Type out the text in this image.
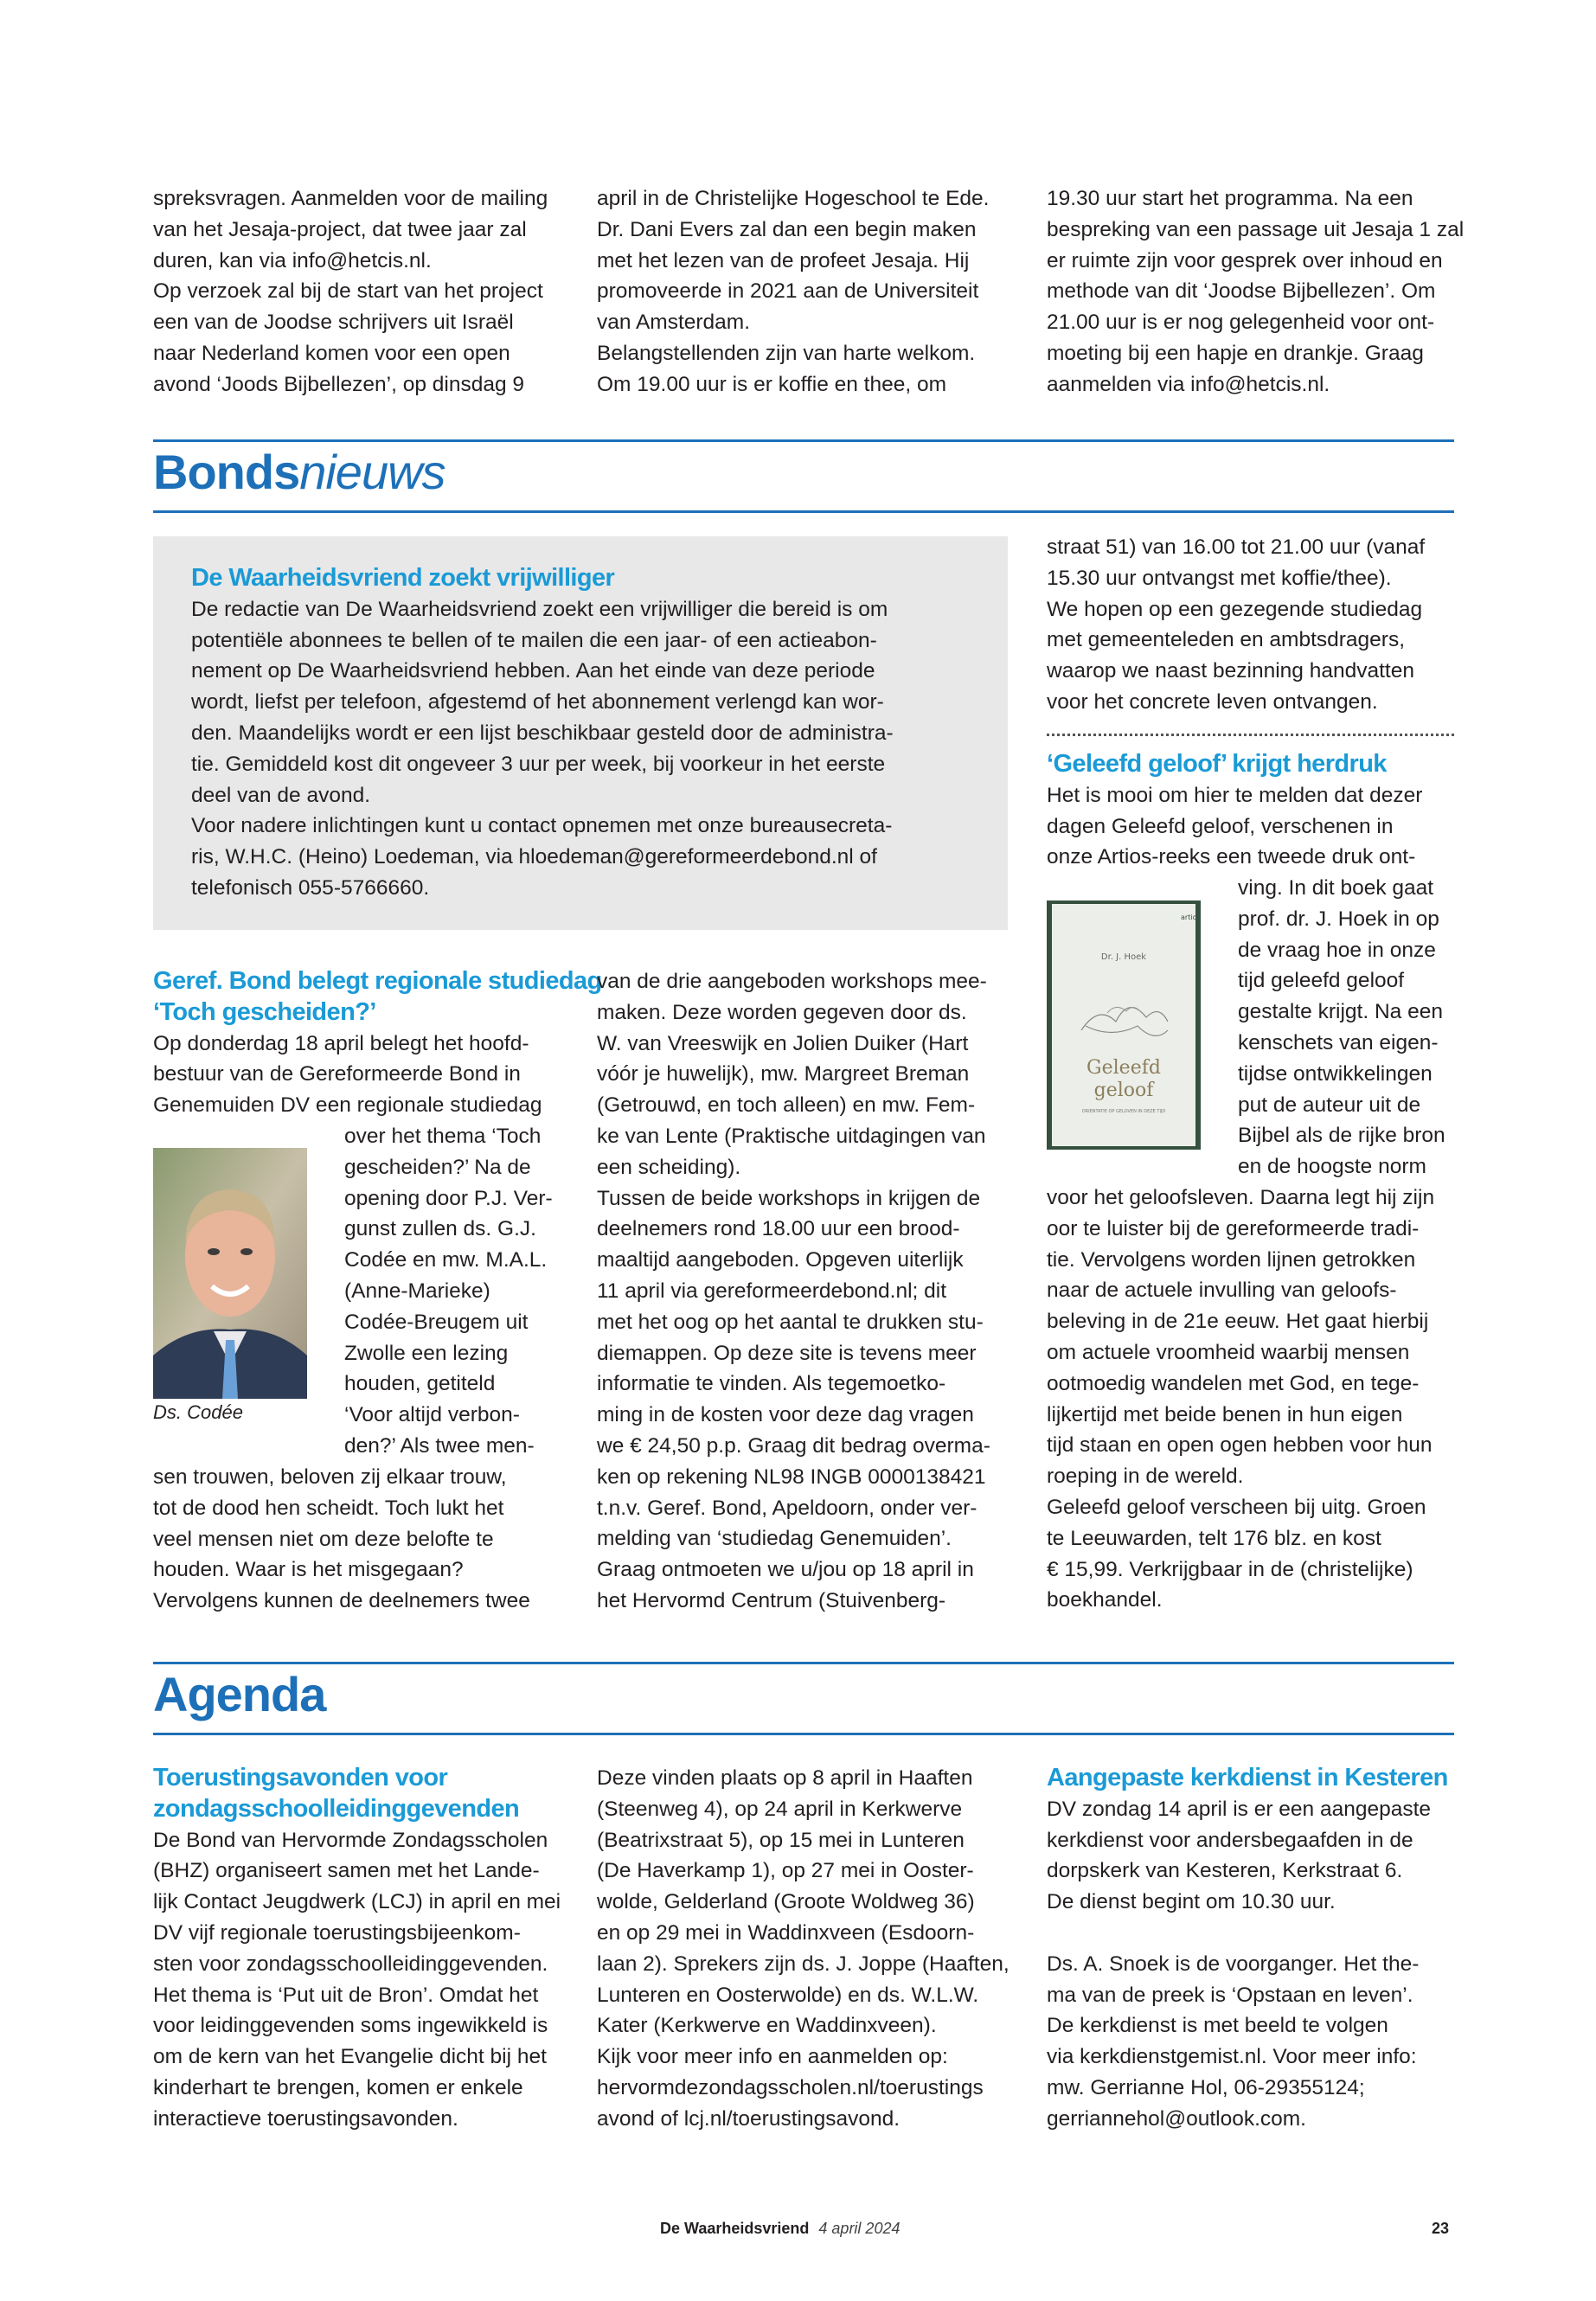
spreksvragen. Aanmelden voor de mailing
van het Jesaja-project, dat twee jaar zal
duren, kan via info@hetcis.nl.
Op verzoek zal bij de start van het project
een van de Joodse schrijvers uit Israël
naar Nederland komen voor een open
avond ‘Joods Bijbellezen’, op dinsdag 9
april in de Christelijke Hogeschool te Ede.
Dr. Dani Evers zal dan een begin maken
met het lezen van de profeet Jesaja. Hij
promoveerde in 2021 aan de Universiteit
van Amsterdam.
Belangstellenden zijn van harte welkom.
Om 19.00 uur is er koffie en thee, om
19.30 uur start het programma. Na een
bespreking van een passage uit Jesaja 1 zal
er ruimte zijn voor gesprek over inhoud en
methode van dit ‘Joodse Bijbellezen’. Om
21.00 uur is er nog gelegenheid voor ont-
moeting bij een hapje en drankje. Graag
aanmelden via info@hetcis.nl.
Bondsnieuws
De Waarheidsvriend zoekt vrijwilliger
De redactie van De Waarheidsvriend zoekt een vrijwilliger die bereid is om
potentiële abonnees te bellen of te mailen die een jaar- of een actieabon-
nement op De Waarheidsvriend hebben. Aan het einde van deze periode
wordt, liefst per telefoon, afgestemd of het abonnement verlengd kan wor-
den. Maandelijks wordt er een lijst beschikbaar gesteld door de administra-
tie. Gemiddeld kost dit ongeveer 3 uur per week, bij voorkeur in het eerste
deel van de avond.
Voor nadere inlichtingen kunt u contact opnemen met onze bureausecreta-
ris, W.H.C. (Heino) Loedeman, via hloedeman@gereformeerdebond.nl of
telefonisch 055-5766660.
Geref. Bond belegt regionale studiedag
‘Toch gescheiden?’
Op donderdag 18 april belegt het hoofd-
bestuur van de Gereformeerde Bond in
Genemuiden DV een regionale studiedag
over het thema ‘Toch
gescheiden?’ Na de
opening door P.J. Ver-
gunst zullen ds. G.J.
Codée en mw. M.A.L.
(Anne-Marieke)
Codée-Breugem uit
Zwolle een lezing
houden, getiteld
‘Voor altijd verbon-
den?’ Als twee men-
Ds. Codée
sen trouwen, beloven zij elkaar trouw,
tot de dood hen scheidt. Toch lukt het
veel mensen niet om deze belofte te
houden. Waar is het misgegaan?
Vervolgens kunnen de deelnemers twee
van de drie aangeboden workshops mee-
maken. Deze worden gegeven door ds.
W. van Vreeswijk en Jolien Duiker (Hart
vóór je huwelijk), mw. Margreet Breman
(Getrouwd, en toch alleen) en mw. Fem-
ke van Lente (Praktische uitdagingen van
een scheiding).
Tussen de beide workshops in krijgen de
deelnemers rond 18.00 uur een brood-
maaltijd aangeboden. Opgeven uiterlijk
11 april via gereformeerdebond.nl; dit
met het oog op het aantal te drukken stu-
diemappen. Op deze site is tevens meer
informatie te vinden. Als tegemoetko-
ming in de kosten voor deze dag vragen
we € 24,50 p.p. Graag dit bedrag overma-
ken op rekening NL98 INGB 0000138421
t.n.v. Geref. Bond, Apeldoorn, onder ver-
melding van ‘studiedag Genemuiden’.
Graag ontmoeten we u/jou op 18 april in
het Hervormd Centrum (Stuivenberg-
straat 51) van 16.00 tot 21.00 uur (vanaf
15.30 uur ontvangst met koffie/thee).
We hopen op een gezegende studiedag
met gemeenteleden en ambtsdragers,
waarop we naast bezinning handvatten
voor het concrete leven ontvangen.
‘Geleefd geloof’ krijgt herdruk
Het is mooi om hier te melden dat dezer
dagen Geleefd geloof, verschenen in
onze Artios-reeks een tweede druk ont-
artios
Dr. J. Hoek
Geleefd
geloof
ORIENTATIE OP GELOVEN IN DEZE TIJD
ving. In dit boek gaat
prof. dr. J. Hoek in op
de vraag hoe in onze
tijd geleefd geloof
gestalte krijgt. Na een
kenschets van eigen-
tijdse ontwikkelingen
put de auteur uit de
Bijbel als de rijke bron
en de hoogste norm
voor het geloofsleven. Daarna legt hij zijn
oor te luister bij de gereformeerde tradi-
tie. Vervolgens worden lijnen getrokken
naar de actuele invulling van geloofs-
beleving in de 21e eeuw. Het gaat hierbij
om actuele vroomheid waarbij mensen
ootmoedig wandelen met God, en tege-
lijkertijd met beide benen in hun eigen
tijd staan en open ogen hebben voor hun
roeping in de wereld.
Geleefd geloof verscheen bij uitg. Groen
te Leeuwarden, telt 176 blz. en kost
€ 15,99. Verkrijgbaar in de (christelijke)
boekhandel.
Agenda
Toerustingsavonden voor
zondagsschoolleidinggevenden
De Bond van Hervormde Zondagsscholen
(BHZ) organiseert samen met het Lande-
lijk Contact Jeugdwerk (LCJ) in april en mei
DV vijf regionale toerustingsbijeenkom-
sten voor zondagsschoolleidinggevenden.
Het thema is ‘Put uit de Bron’. Omdat het
voor leidinggevenden soms ingewikkeld is
om de kern van het Evangelie dicht bij het
kinderhart te brengen, komen er enkele
interactieve toerustingsavonden.
Deze vinden plaats op 8 april in Haaften
(Steenweg 4), op 24 april in Kerkwerve
(Beatrixstraat 5), op 15 mei in Lunteren
(De Haverkamp 1), op 27 mei in Ooster-
wolde, Gelderland (Groote Woldweg 36)
en op 29 mei in Waddinxveen (Esdoorn-
laan 2). Sprekers zijn ds. J. Joppe (Haaften,
Lunteren en Oosterwolde) en ds. W.L.W.
Kater (Kerkwerve en Waddinxveen).
Kijk voor meer info en aanmelden op:
hervormdezondagsscholen.nl/toerustings
avond of lcj.nl/toerustingsavond.
Aangepaste kerkdienst in Kesteren
DV zondag 14 april is er een aangepaste
kerkdienst voor andersbegaafden in de
dorpskerk van Kesteren, Kerkstraat 6.
De dienst begint om 10.30 uur.
Ds. A. Snoek is de voorganger. Het the-
ma van de preek is ‘Opstaan en leven’.
De kerkdienst is met beeld te volgen
via kerkdienstgemist.nl. Voor meer info:
mw. Gerrianne Hol, 06-29355124;
gerriannehol@outlook.com.
De Waarheidsvriend 4 april 2024	23
